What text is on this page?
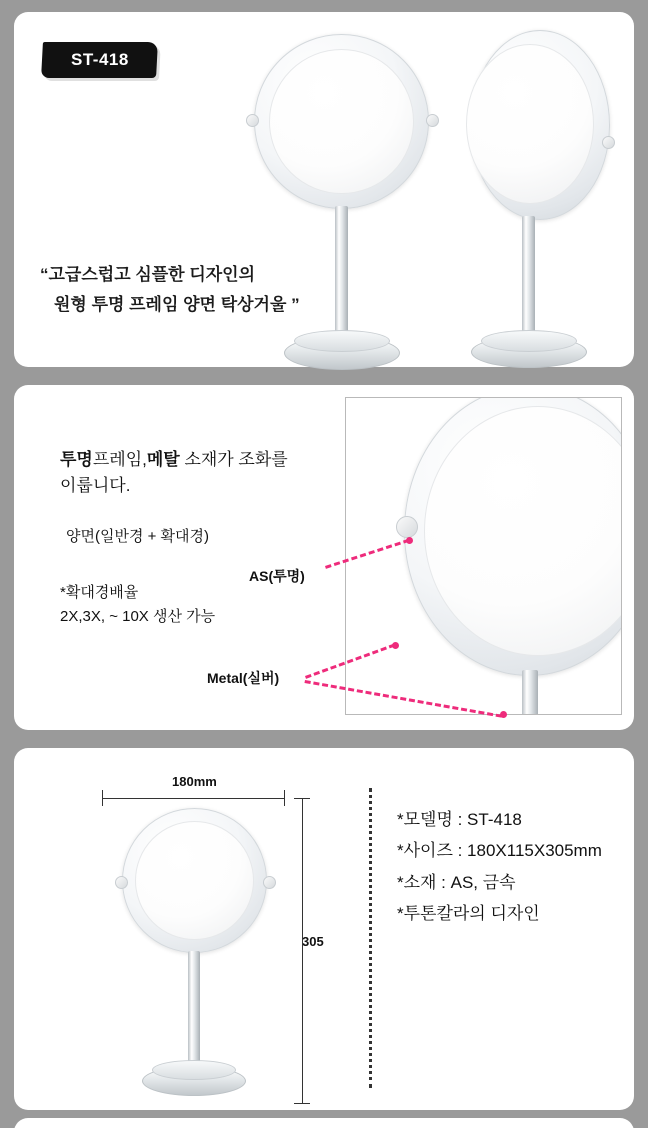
ST-418
“고급스럽고 심플한 디자인의
원형 투명 프레임 양면 탁상거울 ”
투명프레임,메탈 소재가 조화를
이룹니다.
양면(일반경 + 확대경)
*확대경배율
2X,3X, ~ 10X 생산 가능
AS(투명)
Metal(실버)
180mm
305
*모델명 : ST-418
*사이즈 : 180X115X305mm
*소재 : AS, 금속
*투톤칼라의 디자인
